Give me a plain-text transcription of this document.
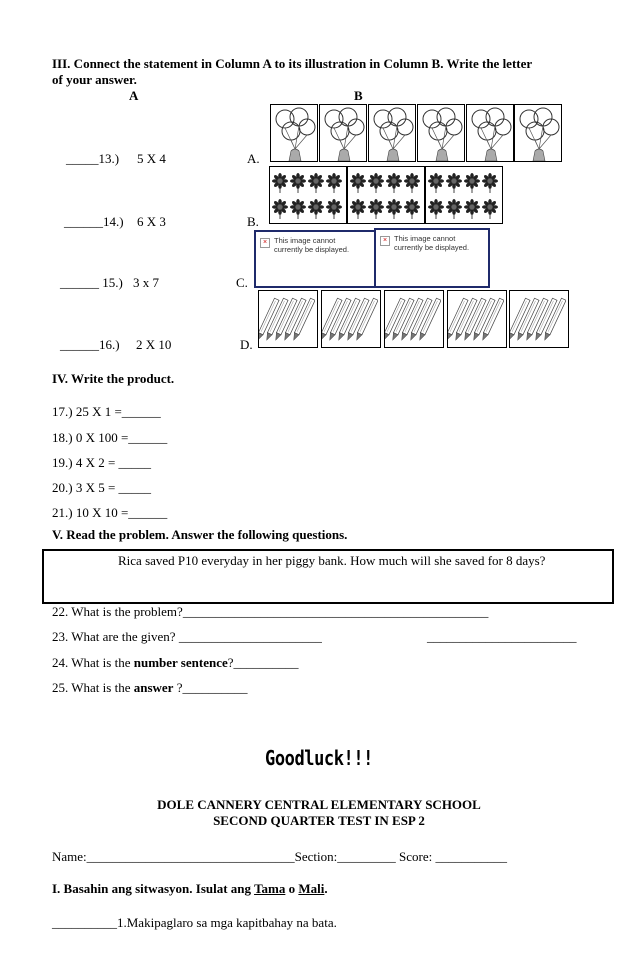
III. Connect the statement in Column A to its illustration in Column B. Write the letter
of your answer.
A	B
_____13.) 5 X 4	A.
______14.) 6 X 3	B.
______ 15.) 3 x 7	C.
______16.) 2 X 10	D.
× This image cannot currently be displayed.
× This image cannot currently be displayed.
IV. Write the product.
17.) 25 X 1 =______
18.) 0 X 100 =______
19.) 4 X 2 = _____
20.) 3 X 5 = _____
21.) 10 X 10 =______
V. Read the problem. Answer the following questions.
Rica saved P10 everyday in her piggy bank. How much will she saved for 8 days?
22. What is the problem?_______________________________________________
23. What are the given? ______________________	_______________________
24. What is the number sentence?__________
25. What is the answer ?__________
Goodluck!!!
DOLE CANNERY CENTRAL ELEMENTARY SCHOOL
SECOND QUARTER TEST IN ESP 2
Name:________________________________Section:_________ Score: ___________
I. Basahin ang sitwasyon. Isulat ang Tama o Mali.
__________1.Makipaglaro sa mga kapitbahay na bata.
